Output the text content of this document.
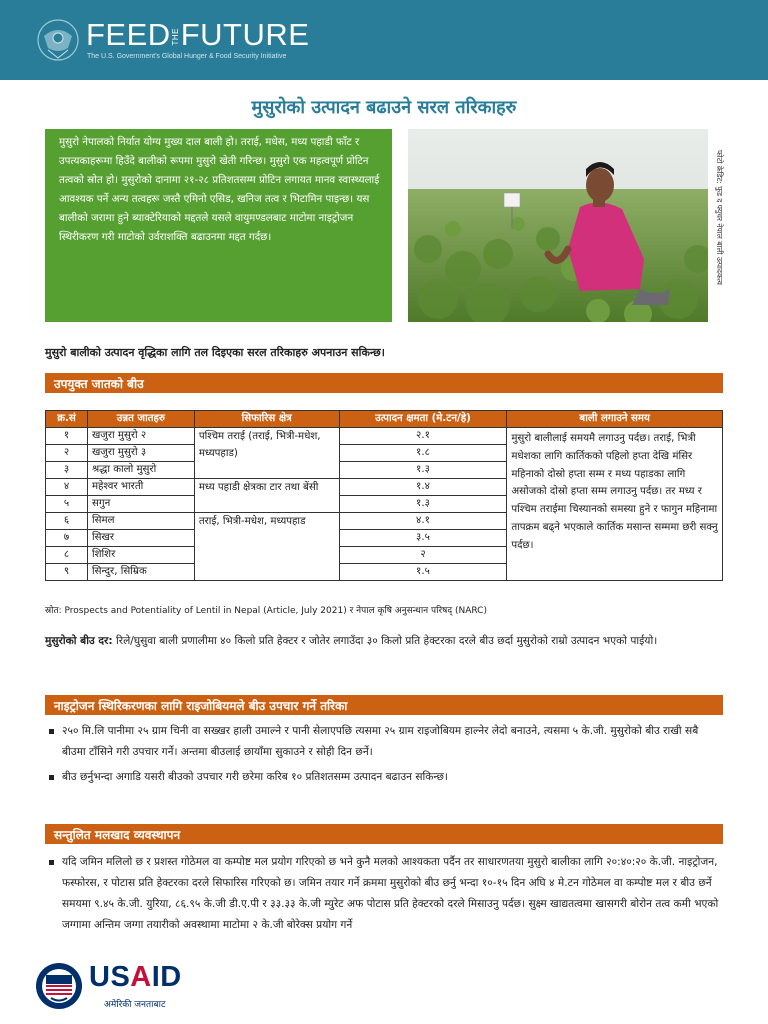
FEEDTHEFUTURE
The U.S. Government's Global Hunger & Food Security Initiative
मुसुरोको उत्पादन बढाउने सरल तरिकाहरु
मुसुरो नेपालको निर्यात योग्य मुख्य दाल बाली हो। तराई, मधेस, मध्य पहाडी फाँट र उपत्यकाहरूमा हिउँदे बालीको रूपमा मुसुरो खेती गरिन्छ। मुसुरो एक महत्वपूर्ण प्रोटिन तत्वको स्रोत हो। मुसुरोको दानामा २१-२८ प्रतिशतसम्म प्रोटिन लगायत मानव स्वास्थ्यलाई आवश्यक पर्ने अन्य तत्वहरू जस्तै एमिनो एसिड, खनिज तत्व र भिटामिन पाइन्छ। यस बालीको जरामा हुने ब्याक्टेरियाको मद्दतले यसले वायुमण्डलबाट माटोमा नाइट्रोजन स्थिरीकरण गरी माटोको उर्वराशक्ति बढाउनमा मद्दत गर्दछ।	फोटो क्रेडिट: फुड द फ्युचर नेपाल बाली उत्पादकत्व
मुसुरो बालीको उत्पादन वृद्धिका लागि तल दिइएका सरल तरिकाहरु अपनाउन सकिन्छ।
उपयुक्त जातको बीउ
क्र.सं	उन्नत जातहरु	सिफारिस क्षेत्र	उत्पादन क्षमता (मे.टन/हे)	बाली लगाउने समय
१	खजुरा मुसुरो २	पश्चिम तराई (तराई, भित्री-मधेश, मध्यपहाड)	२.१	मुसुरो बालीलाई समयमै लगाउनु पर्दछ। तराई, भित्री मधेशका लागि कार्तिकको पहिलो हप्ता देखि मंसिर महिनाको दोस्रो हप्ता सम्म र मध्य पहाडका लागि असोजको दोस्रो हप्ता सम्म लगाउनु पर्दछ। तर मध्य र पश्चिम तराईमा चिस्यानको समस्या हुने र फागुन महिनामा तापक्रम बढ्ने भएकाले कार्तिक मसान्त सम्ममा छरी सक्नु पर्दछ।
२	खजुरा मुसुरो ३		१.८	
३	श्रद्धा कालो मुसुरो		१.३	
४	महेश्वर भारती	मध्य पहाडी क्षेत्रका टार तथा बेंसी	१.४	
५	सगुन		१.३	
६	सिमल	तराई, भित्री-मधेश, मध्यपहाड	४.१	
७	सिखर		३.५	
८	शिशिर		२	
९	सिन्दुर, सिम्रिक		१.५	
स्रोत: Prospects and Potentiality of Lentil in Nepal (Article, July 2021) र नेपाल कृषि अनुसन्धान परिषद् (NARC)
मुसुरोको बीउ दर: रिले/घुसुवा बाली प्रणालीमा ४० किलो प्रति हेक्टर र जोतेर लगाउँदा ३० किलो प्रति हेक्टरका दरले बीउ छर्दा मुसुरोको राम्रो उत्पादन भएको पाईयो।
नाइट्रोजन स्थिरिकरणका लागि राइजोबियमले बीउ उपचार गर्ने तरिका
२५० मि.लि पानीमा २५ ग्राम चिनी वा सख्खर हाली उमाल्ने र पानी सेलाएपछि त्यसमा २५ ग्राम राइजोबियम हाल्नेर लेदो बनाउने, त्यसमा ५ के.जी. मुसुरोको बीउ राखी सबै बीउमा टाँसिने गरी उपचार गर्ने। अन्तमा बीउलाई छायाँमा सुकाउने र सोही दिन छर्ने।
बीउ छर्नुभन्दा अगाडि यसरी बीउको उपचार गरी छरेमा करिब १० प्रतिशतसम्म उत्पादन बढाउन सकिन्छ।
सन्तुलित मलखाद व्यवस्थापन
यदि जमिन मलिलो छ र प्रशस्त गोठेमल वा कम्पोष्ट मल प्रयोग गरिएको छ भने कुनै मलको आश्यकता पर्दैन तर साधारणतया मुसुरो बालीका लागि २०:४०:२० के.जी. नाइट्रोजन, फस्फोरस, र पोटास प्रति हेक्टरका दरले सिफारिस गरिएको छ। जमिन तयार गर्ने क्रममा मुसुरोको बीउ छर्नु भन्दा १०-१५ दिन अघि ४ मे.टन गोठेमल वा कम्पोष्ट मल र बीउ छर्ने समयमा ९.४५ के.जी. युरिया, ८६.९५ के.जी डी.ए.पी र ३३.३३ के.जी म्युरेट अफ पोटास प्रति हेक्टरको दरले मिसाउनु पर्दछ। सुक्ष्म खाद्यतत्वमा खासगरी बोरोन तत्व कमी भएको जग्गामा अन्तिम जग्गा तयारीको अवस्थामा माटोमा २ के.जी बोरेक्स प्रयोग गर्ने
USAID
अमेरिकी जनताबाट
